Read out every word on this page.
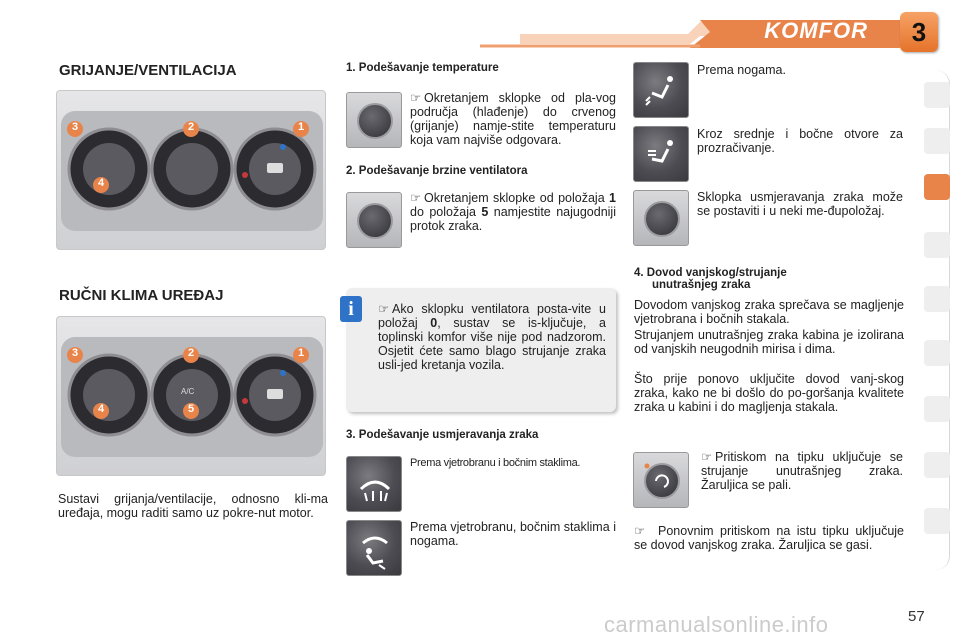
KOMFOR	3
GRIJANJE/VENTILACIJA
3	2	1
4
RUČNI KLIMA UREĐAJ
3	2	1
4	5
A/C
Sustavi grijanja/ventilacije, odnosno kli-ma uređaja, mogu raditi samo uz pokre-nut motor.
1. Podešavanje temperature
☞ Okretanjem sklopke od pla-vog područja (hlađenje) do crvenog (grijanje) namje-stite temperaturu koja vam najviše odgovara.
2. Podešavanje brzine ventilatora
☞ Okretanjem sklopke od položaja 1 do položaja 5 namjestite najugodniji protok zraka.
i	☞ Ako sklopku ventilatora posta-vite u položaj 0, sustav se is-ključuje, a toplinski komfor više nije pod nadzorom. Osjetit ćete samo blago strujanje zraka usli-jed kretanja vozila.
3. Podešavanje usmjeravanja zraka
Prema vjetrobranu i bočnim staklima.
Prema vjetrobranu, bočnim staklima i nogama.
Prema nogama.
Kroz srednje i bočne otvore za prozračivanje.
Sklopka usmjeravanja zraka može se postaviti i u neki me-đupoložaj.
4. Dovod vanjskog/strujanje
unutrašnjeg zraka
Dovodom vanjskog zraka sprečava se magljenje vjetrobrana i bočnih stakala.
Strujanjem unutrašnjeg zraka kabina je izolirana od vanjskih neugodnih mirisa i dima.
Što prije ponovo uključite dovod vanj-skog zraka, kako ne bi došlo do po-goršanja kvalitete zraka u kabini i do magljenja stakala.
☞ Pritiskom na tipku uključuje se strujanje unutrašnjeg zraka. Žaruljica se pali.
☞ Ponovnim pritiskom na istu tipku uključuje se dovod vanjskog zraka. Žaruljica se gasi.
carmanualsonline.info	57
